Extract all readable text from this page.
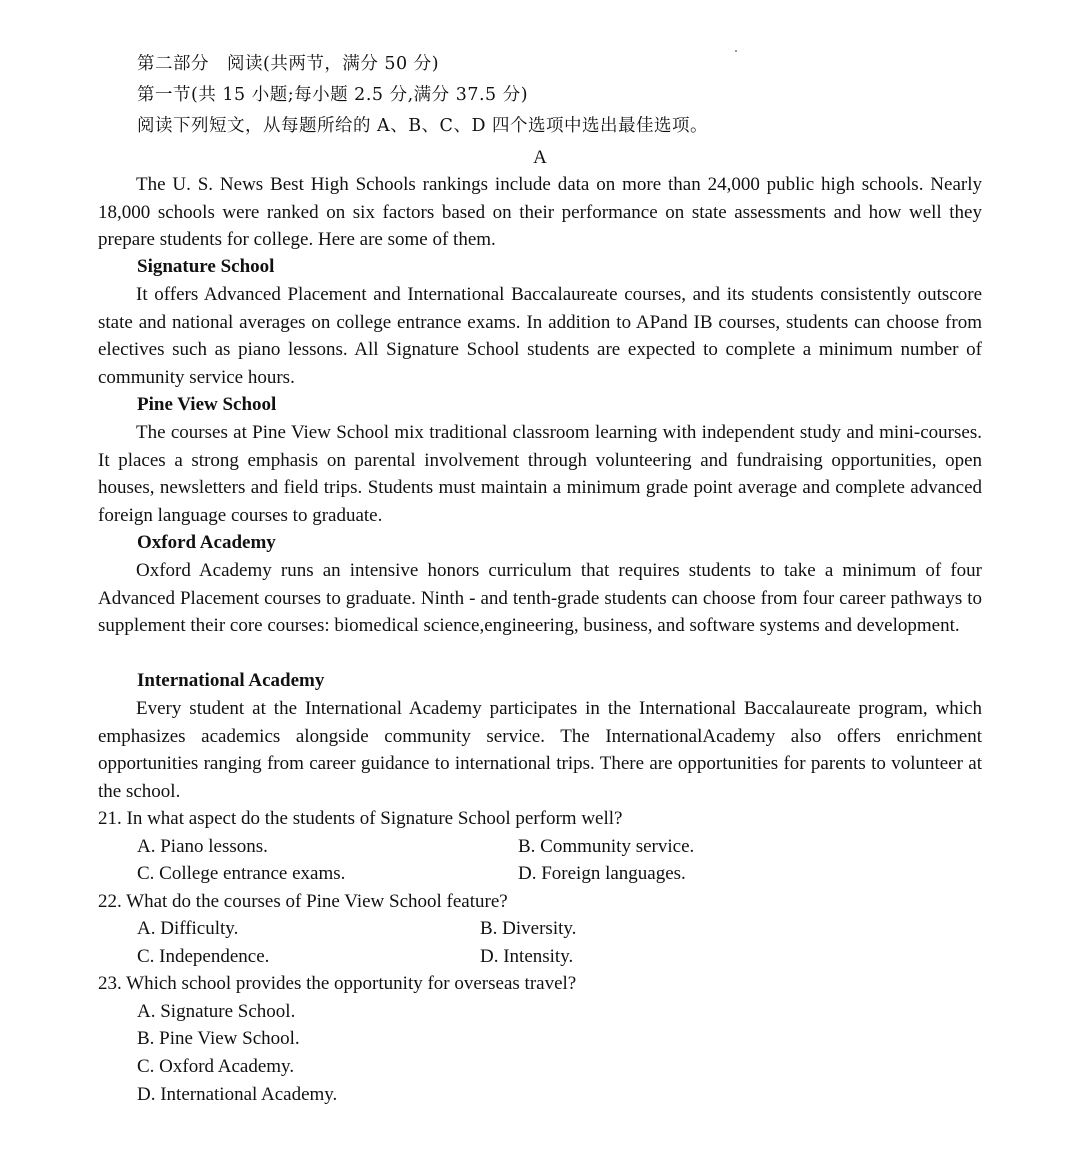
第二部分　阅读(共两节，满分 50 分)
第一节(共 15 小题;每小题 2.5 分,满分 37.5 分)
阅读下列短文，从每题所给的 A、B、C、D 四个选项中选出最佳选项。
A
The U. S. News Best High Schools rankings include data on more than 24,000 public high schools. Nearly 18,000 schools were ranked on six factors based on their performance on state assessments and how well they prepare students for college. Here are some of them.
Signature School
It offers Advanced Placement and International Baccalaureate courses, and its students consistently outscore state and national averages on college entrance exams. In addition to APand IB courses, students can choose from electives such as piano lessons. All Signature School students are expected to complete a minimum number of community service hours.
Pine View School
The courses at Pine View School mix traditional classroom learning with independent study and mini-courses. It places a strong emphasis on parental involvement through volunteering and fundraising opportunities, open houses, newsletters and field trips. Students must maintain a minimum grade point average and complete advanced foreign language courses to graduate.
Oxford Academy
Oxford Academy runs an intensive honors curriculum that requires students to take a minimum of four Advanced Placement courses to graduate. Ninth - and tenth-grade students can choose from four career pathways to supplement their core courses: biomedical science,engineering, business, and software systems and development.
International Academy
Every student at the International Academy participates in the International Baccalaureate program, which emphasizes academics alongside community service. The InternationalAcademy also offers enrichment opportunities ranging from career guidance to international trips. There are opportunities for parents to volunteer at the school.
21. In what aspect do the students of Signature School perform well?
A. Piano lessons.	B. Community service.
C. College entrance exams.	D. Foreign languages.
22. What do the courses of Pine View School feature?
A. Difficulty.	B. Diversity.
C. Independence.	D. Intensity.
23. Which school provides the opportunity for overseas travel?
A. Signature School.
B. Pine View School.
C. Oxford Academy.
D. International Academy.
